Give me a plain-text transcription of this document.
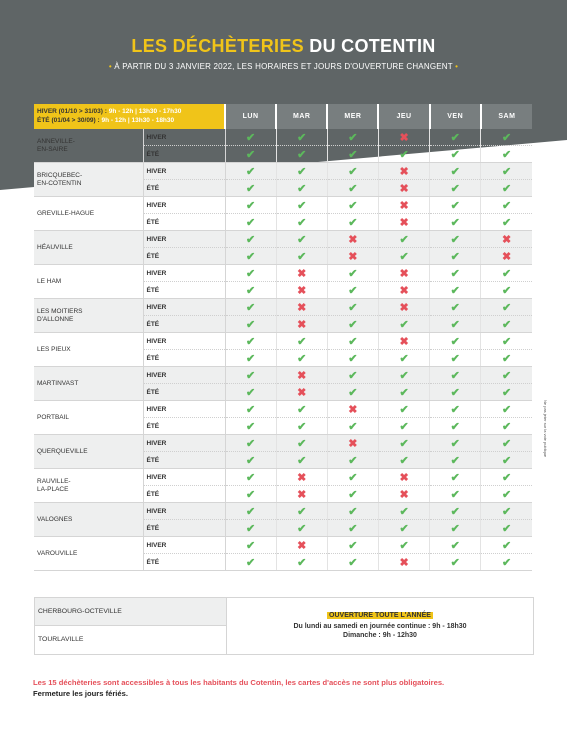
LES DÉCHÈTERIES DU COTENTIN
• À PARTIR DU 3 JANVIER 2022, LES HORAIRES ET JOURS D'OUVERTURE CHANGENT •
HIVER (01/10 > 31/03) : 9h - 12h | 13h30 - 17h30
ÉTÉ (01/04 > 30/09) : 9h - 12h | 13h30 - 18h30		LUN	MAR	MER	JEU	VEN	SAM
ANNEVILLE-
EN-SAIRE	HIVER	✔	✔	✔	✖	✔	✔
	ÉTÉ	✔	✔	✔	✔	✔	✔
BRICQUEBEC-
EN-COTENTIN	HIVER	✔	✔	✔	✖	✔	✔
	ÉTÉ	✔	✔	✔	✖	✔	✔
GREVILLE-HAGUE	HIVER	✔	✔	✔	✖	✔	✔
	ÉTÉ	✔	✔	✔	✖	✔	✔
HÉAUVILLE	HIVER	✔	✔	✖	✔	✔	✖
	ÉTÉ	✔	✔	✖	✔	✔	✖
LE HAM	HIVER	✔	✖	✔	✖	✔	✔
	ÉTÉ	✔	✖	✔	✖	✔	✔
LES MOITIERS
D'ALLONNE	HIVER	✔	✖	✔	✖	✔	✔
	ÉTÉ	✔	✖	✔	✔	✔	✔
LES PIEUX	HIVER	✔	✔	✔	✖	✔	✔
	ÉTÉ	✔	✔	✔	✔	✔	✔
MARTINVAST	HIVER	✔	✖	✔	✔	✔	✔
	ÉTÉ	✔	✖	✔	✔	✔	✔
PORTBAIL	HIVER	✔	✔	✖	✔	✔	✔
	ÉTÉ	✔	✔	✔	✔	✔	✔
QUERQUEVILLE	HIVER	✔	✔	✖	✔	✔	✔
	ÉTÉ	✔	✔	✔	✔	✔	✔
RAUVILLE-
LA-PLACE	HIVER	✔	✖	✔	✖	✔	✔
	ÉTÉ	✔	✖	✔	✖	✔	✔
VALOGNES	HIVER	✔	✔	✔	✔	✔	✔
	ÉTÉ	✔	✔	✔	✔	✔	✔
VAROUVILLE	HIVER	✔	✖	✔	✔	✔	✔
	ÉTÉ	✔	✔	✔	✖	✔	✔
CHERBOURG-OCTEVILLE
TOURLAVILLE
OUVERTURE TOUTE L'ANNÉE
Du lundi au samedi en journée continue : 9h - 18h30
Dimanche : 9h - 12h30
Les 15 déchèteries sont accessibles à tous les habitants du Cotentin, les cartes d'accès ne sont plus obligatoires.
Fermeture les jours fériés.
Ne pas jeter sur la voie publique
